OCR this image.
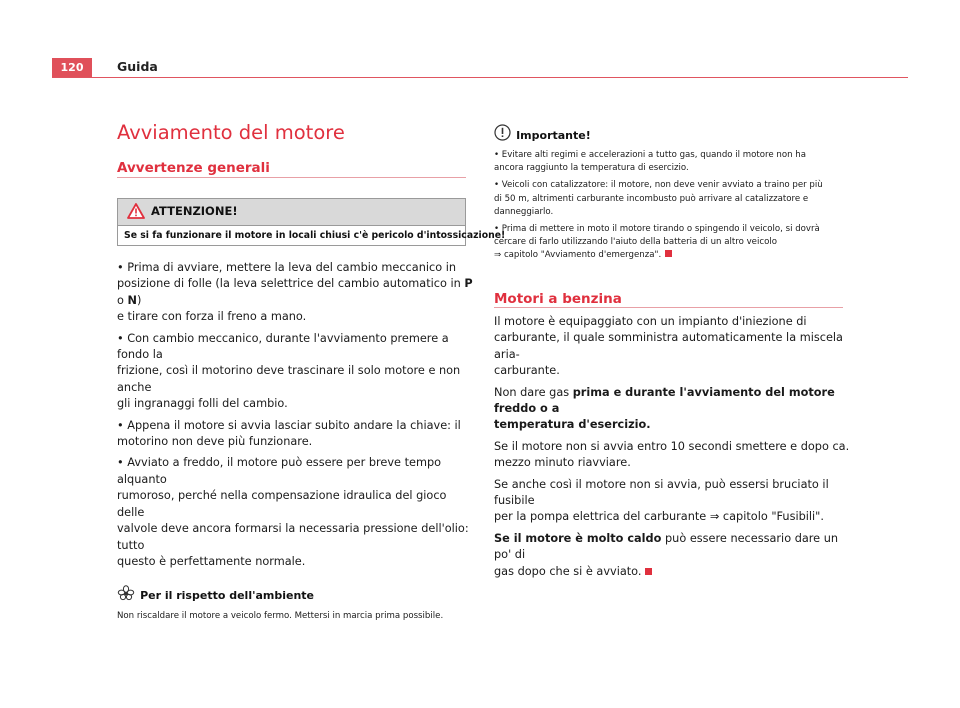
120	Guida
Avviamento del motore
Avvertenze generali
ATTENZIONE!
Se si fa funzionare il motore in locali chiusi c'è pericolo d'intossicazione!

• Prima di avviare, mettere la leva del cambio meccanico in
posizione di folle (la leva selettrice del cambio automatico in P o N)
e tirare con forza il freno a mano.

• Con cambio meccanico, durante l'avviamento premere a fondo la
frizione, così il motorino deve trascinare il solo motore e non anche
gli ingranaggi folli del cambio.

• Appena il motore si avvia lasciar subito andare la chiave: il
motorino non deve più funzionare.

• Avviato a freddo, il motore può essere per breve tempo alquanto
rumoroso, perché nella compensazione idraulica del gioco delle
valvole deve ancora formarsi la necessaria pressione dell'olio: tutto
questo è perfettamente normale.

Per il rispetto dell'ambiente

Non riscaldare il motore a veicolo fermo. Mettersi in marcia prima possibile.

Importante!

• Evitare alti regimi e accelerazioni a tutto gas, quando il motore non ha
ancora raggiunto la temperatura di esercizio.

• Veicoli con catalizzatore: il motore, non deve venir avviato a traino per più
di 50 m, altrimenti carburante incombusto può arrivare al catalizzatore e
danneggiarlo.

• Prima di mettere in moto il motore tirando o spingendo il veicolo, si dovrà
cercare di farlo utilizzando l'aiuto della batteria di un altro veicolo
⇒ capitolo "Avviamento d'emergenza".

Motori a benzina

Il motore è equipaggiato con un impianto d'iniezione di
carburante, il quale somministra automaticamente la miscela aria-
carburante.

Non dare gas prima e durante l'avviamento del motore freddo o a
temperatura d'esercizio.

Se il motore non si avvia entro 10 secondi smettere e dopo ca.
mezzo minuto riavviare.

Se anche così il motore non si avvia, può essersi bruciato il fusibile
per la pompa elettrica del carburante ⇒ capitolo "Fusibili".

Se il motore è molto caldo può essere necessario dare un po' di
gas dopo che si è avviato.
